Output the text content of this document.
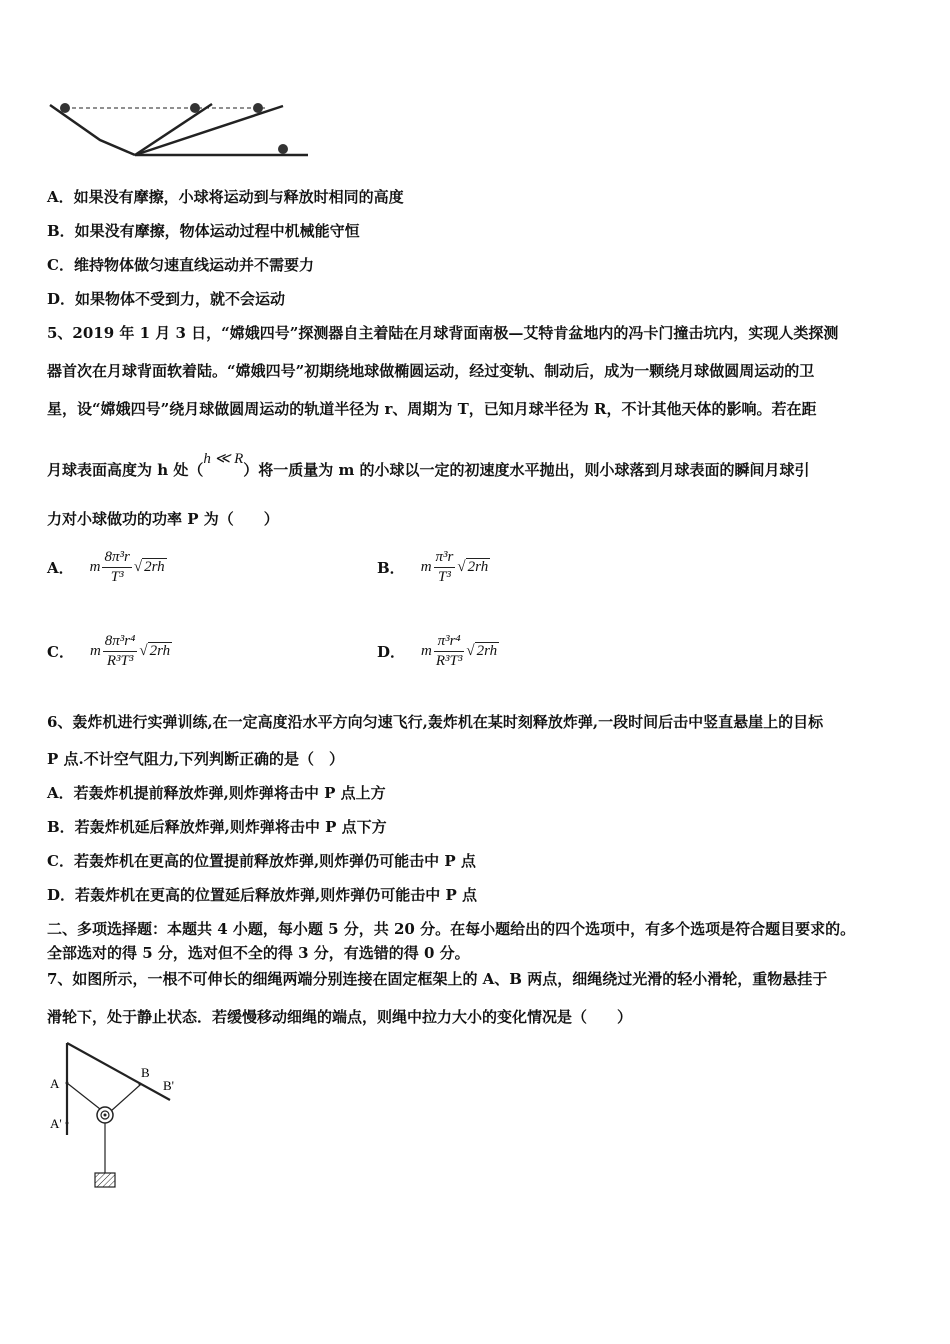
A．如果没有摩擦，小球将运动到与释放时相同的高度
B．如果没有摩擦，物体运动过程中机械能守恒
C．维持物体做匀速直线运动并不需要力
D．如果物体不受到力，就不会运动
5、2019 年 1 月 3 日，“嫦娥四号”探测器自主着陆在月球背面南极—艾特肯盆地内的冯卡门撞击坑内，实现人类探测
器首次在月球背面软着陆。“嫦娥四号”初期绕地球做椭圆运动，经过变轨、制动后，成为一颗绕月球做圆周运动的卫
星，设“嫦娥四号”绕月球做圆周运动的轨道半径为 r、周期为 T，已知月球半径为 R，不计其他天体的影响。若在距
月球表面高度为 h 处（h ≪ R）将一质量为 m 的小球以一定的初速度水平抛出，则小球落到月球表面的瞬间月球引
力对小球做功的功率 P 为（　　）
A． m $\frac{\text{8π³r}}{\text{T³}}$ √ 2rh	B． m $\frac{\text{π³r}}{\text{T³}}$ √ 2rh
C． m $\frac{\text{8π³r⁴}}{\text{R³T³}}$ √ 2rh	D． m $\frac{\text{π³r⁴}}{\text{R³T³}}$ √ 2rh
6、轰炸机进行实弹训练,在一定高度沿水平方向匀速飞行,轰炸机在某时刻释放炸弹,一段时间后击中竖直悬崖上的目标
P 点.不计空气阻力,下列判断正确的是（　）
A．若轰炸机提前释放炸弹,则炸弹将击中 P 点上方
B．若轰炸机延后释放炸弹,则炸弹将击中 P 点下方
C．若轰炸机在更高的位置提前释放炸弹,则炸弹仍可能击中 P 点
D．若轰炸机在更高的位置延后释放炸弹,则炸弹仍可能击中 P 点
二、多项选择题：本题共 4 小题，每小题 5 分，共 20 分。在每小题给出的四个选项中，有多个选项是符合题目要求的。
全部选对的得 5 分，选对但不全的得 3 分，有选错的得 0 分。
7、如图所示，一根不可伸长的细绳两端分别连接在固定框架上的 A、B 两点，细绳绕过光滑的轻小滑轮，重物悬挂于
滑轮下，处于静止状态．若缓慢移动细绳的端点，则绳中拉力大小的变化情况是（　　）
A
A'
B
B'
